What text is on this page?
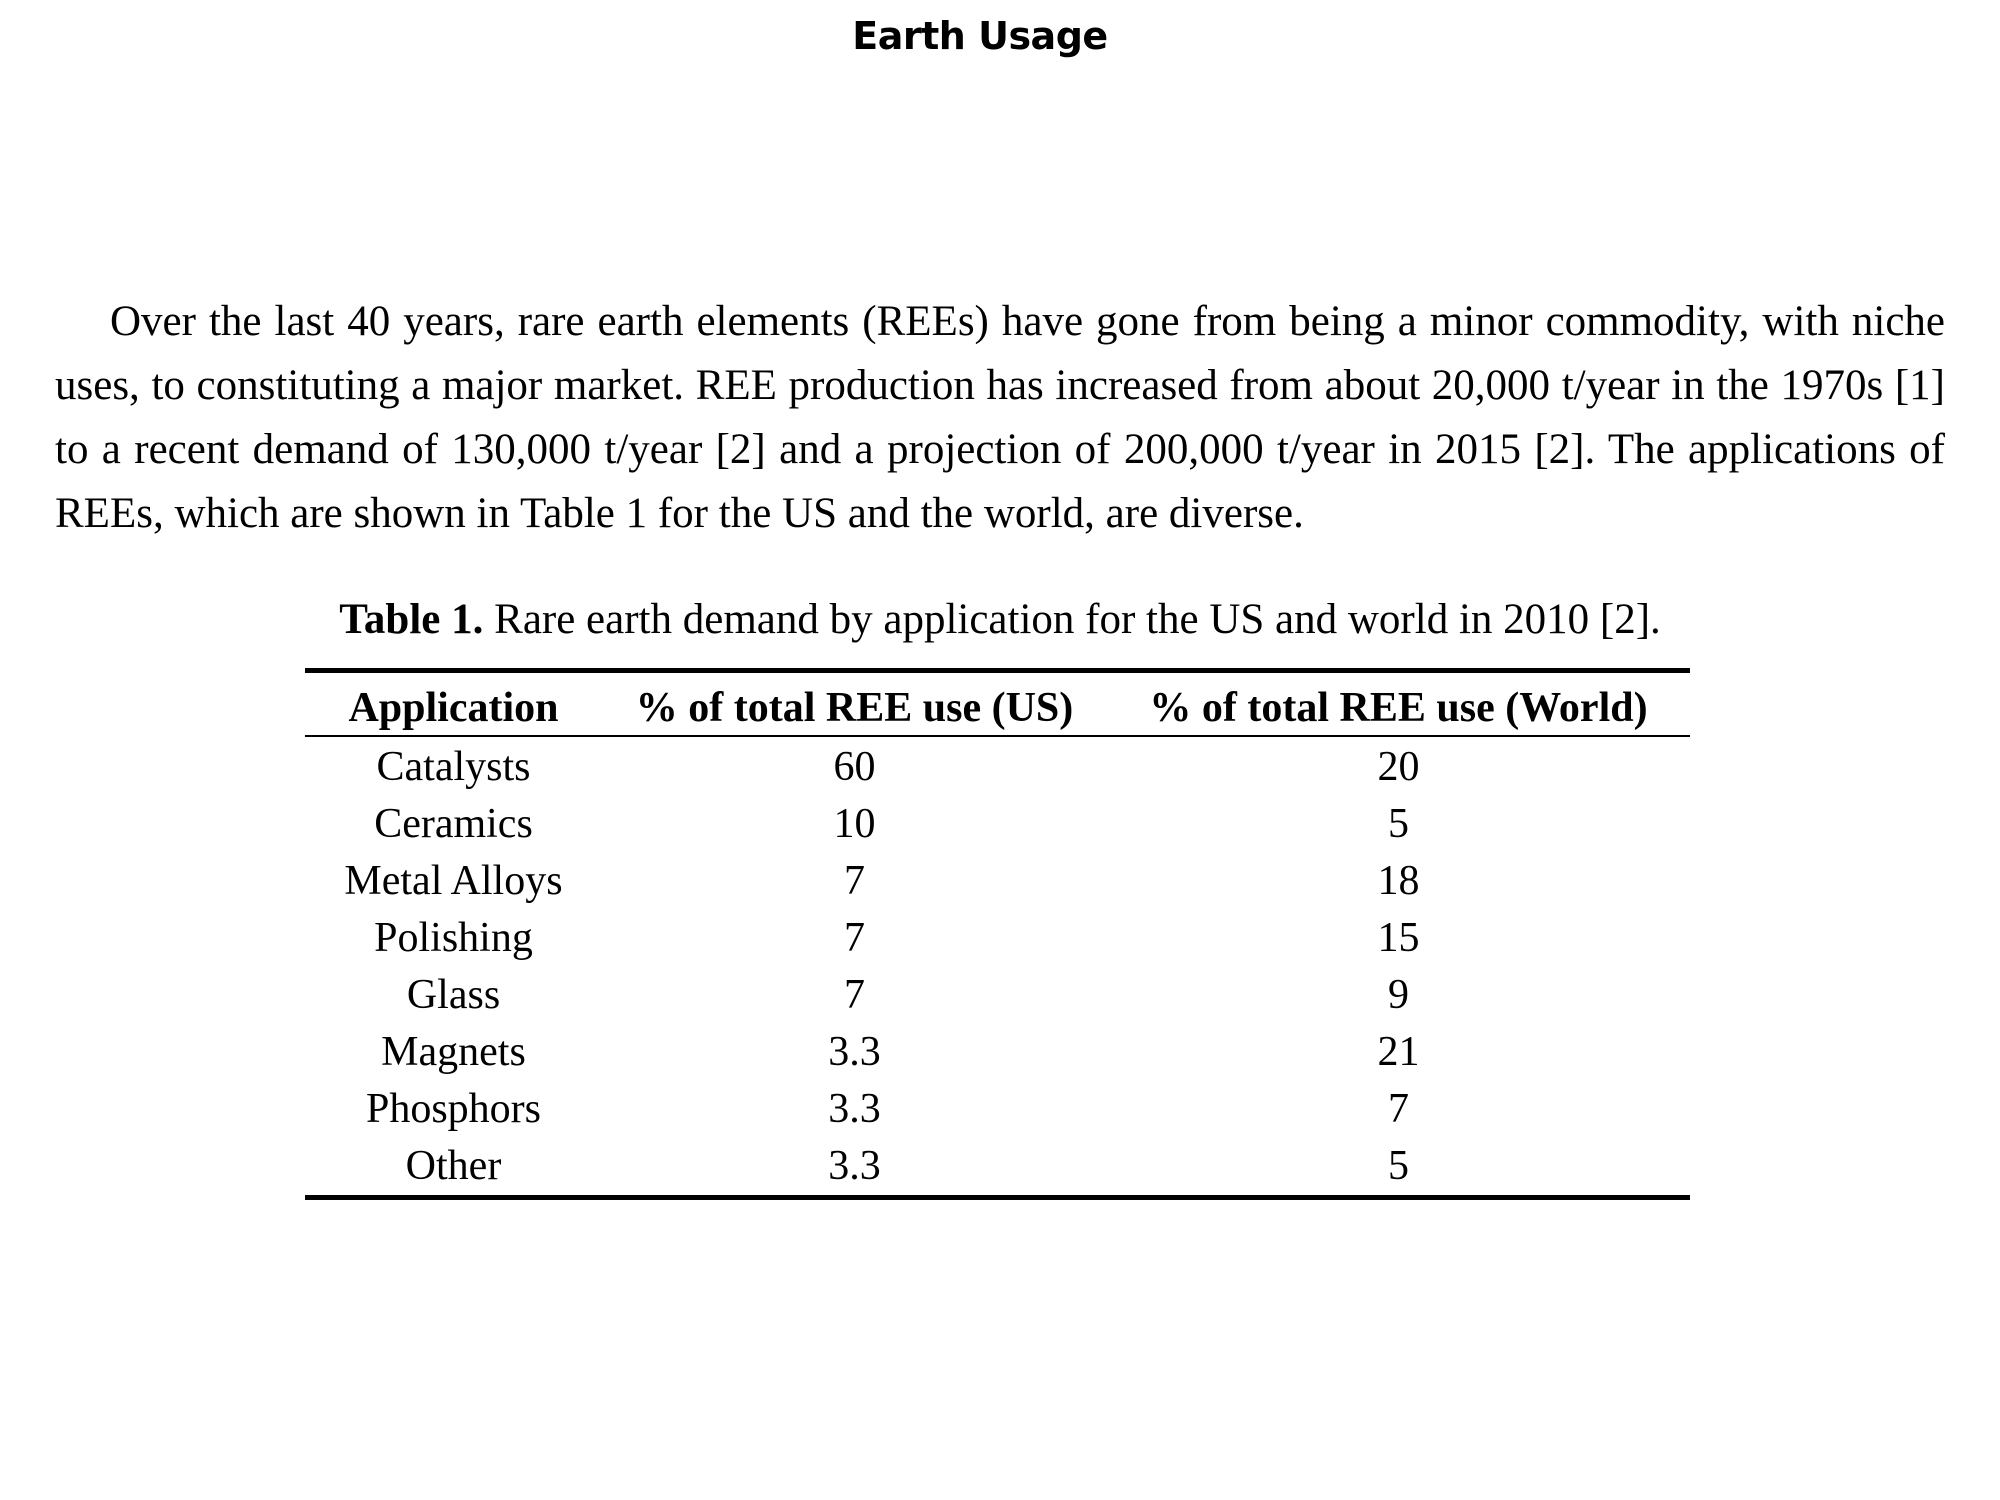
Earth Usage

Over the last 40 years, rare earth elements (REEs) have gone from being a minor commodity, with niche uses, to constituting a major market. REE production has increased from about 20,000 t/year in the 1970s [1] to a recent demand of 130,000 t/year [2] and a projection of 200,000 t/year in 2015 [2]. The applications of REEs, which are shown in Table 1 for the US and the world, are diverse.

Table 1. Rare earth demand by application for the US and world in 2010 [2].
Application	% of total REE use (US)	% of total REE use (World)
Catalysts	60	20
Ceramics	10	5
Metal Alloys	7	18
Polishing	7	15
Glass	7	9
Magnets	3.3	21
Phosphors	3.3	7
Other	3.3	5
